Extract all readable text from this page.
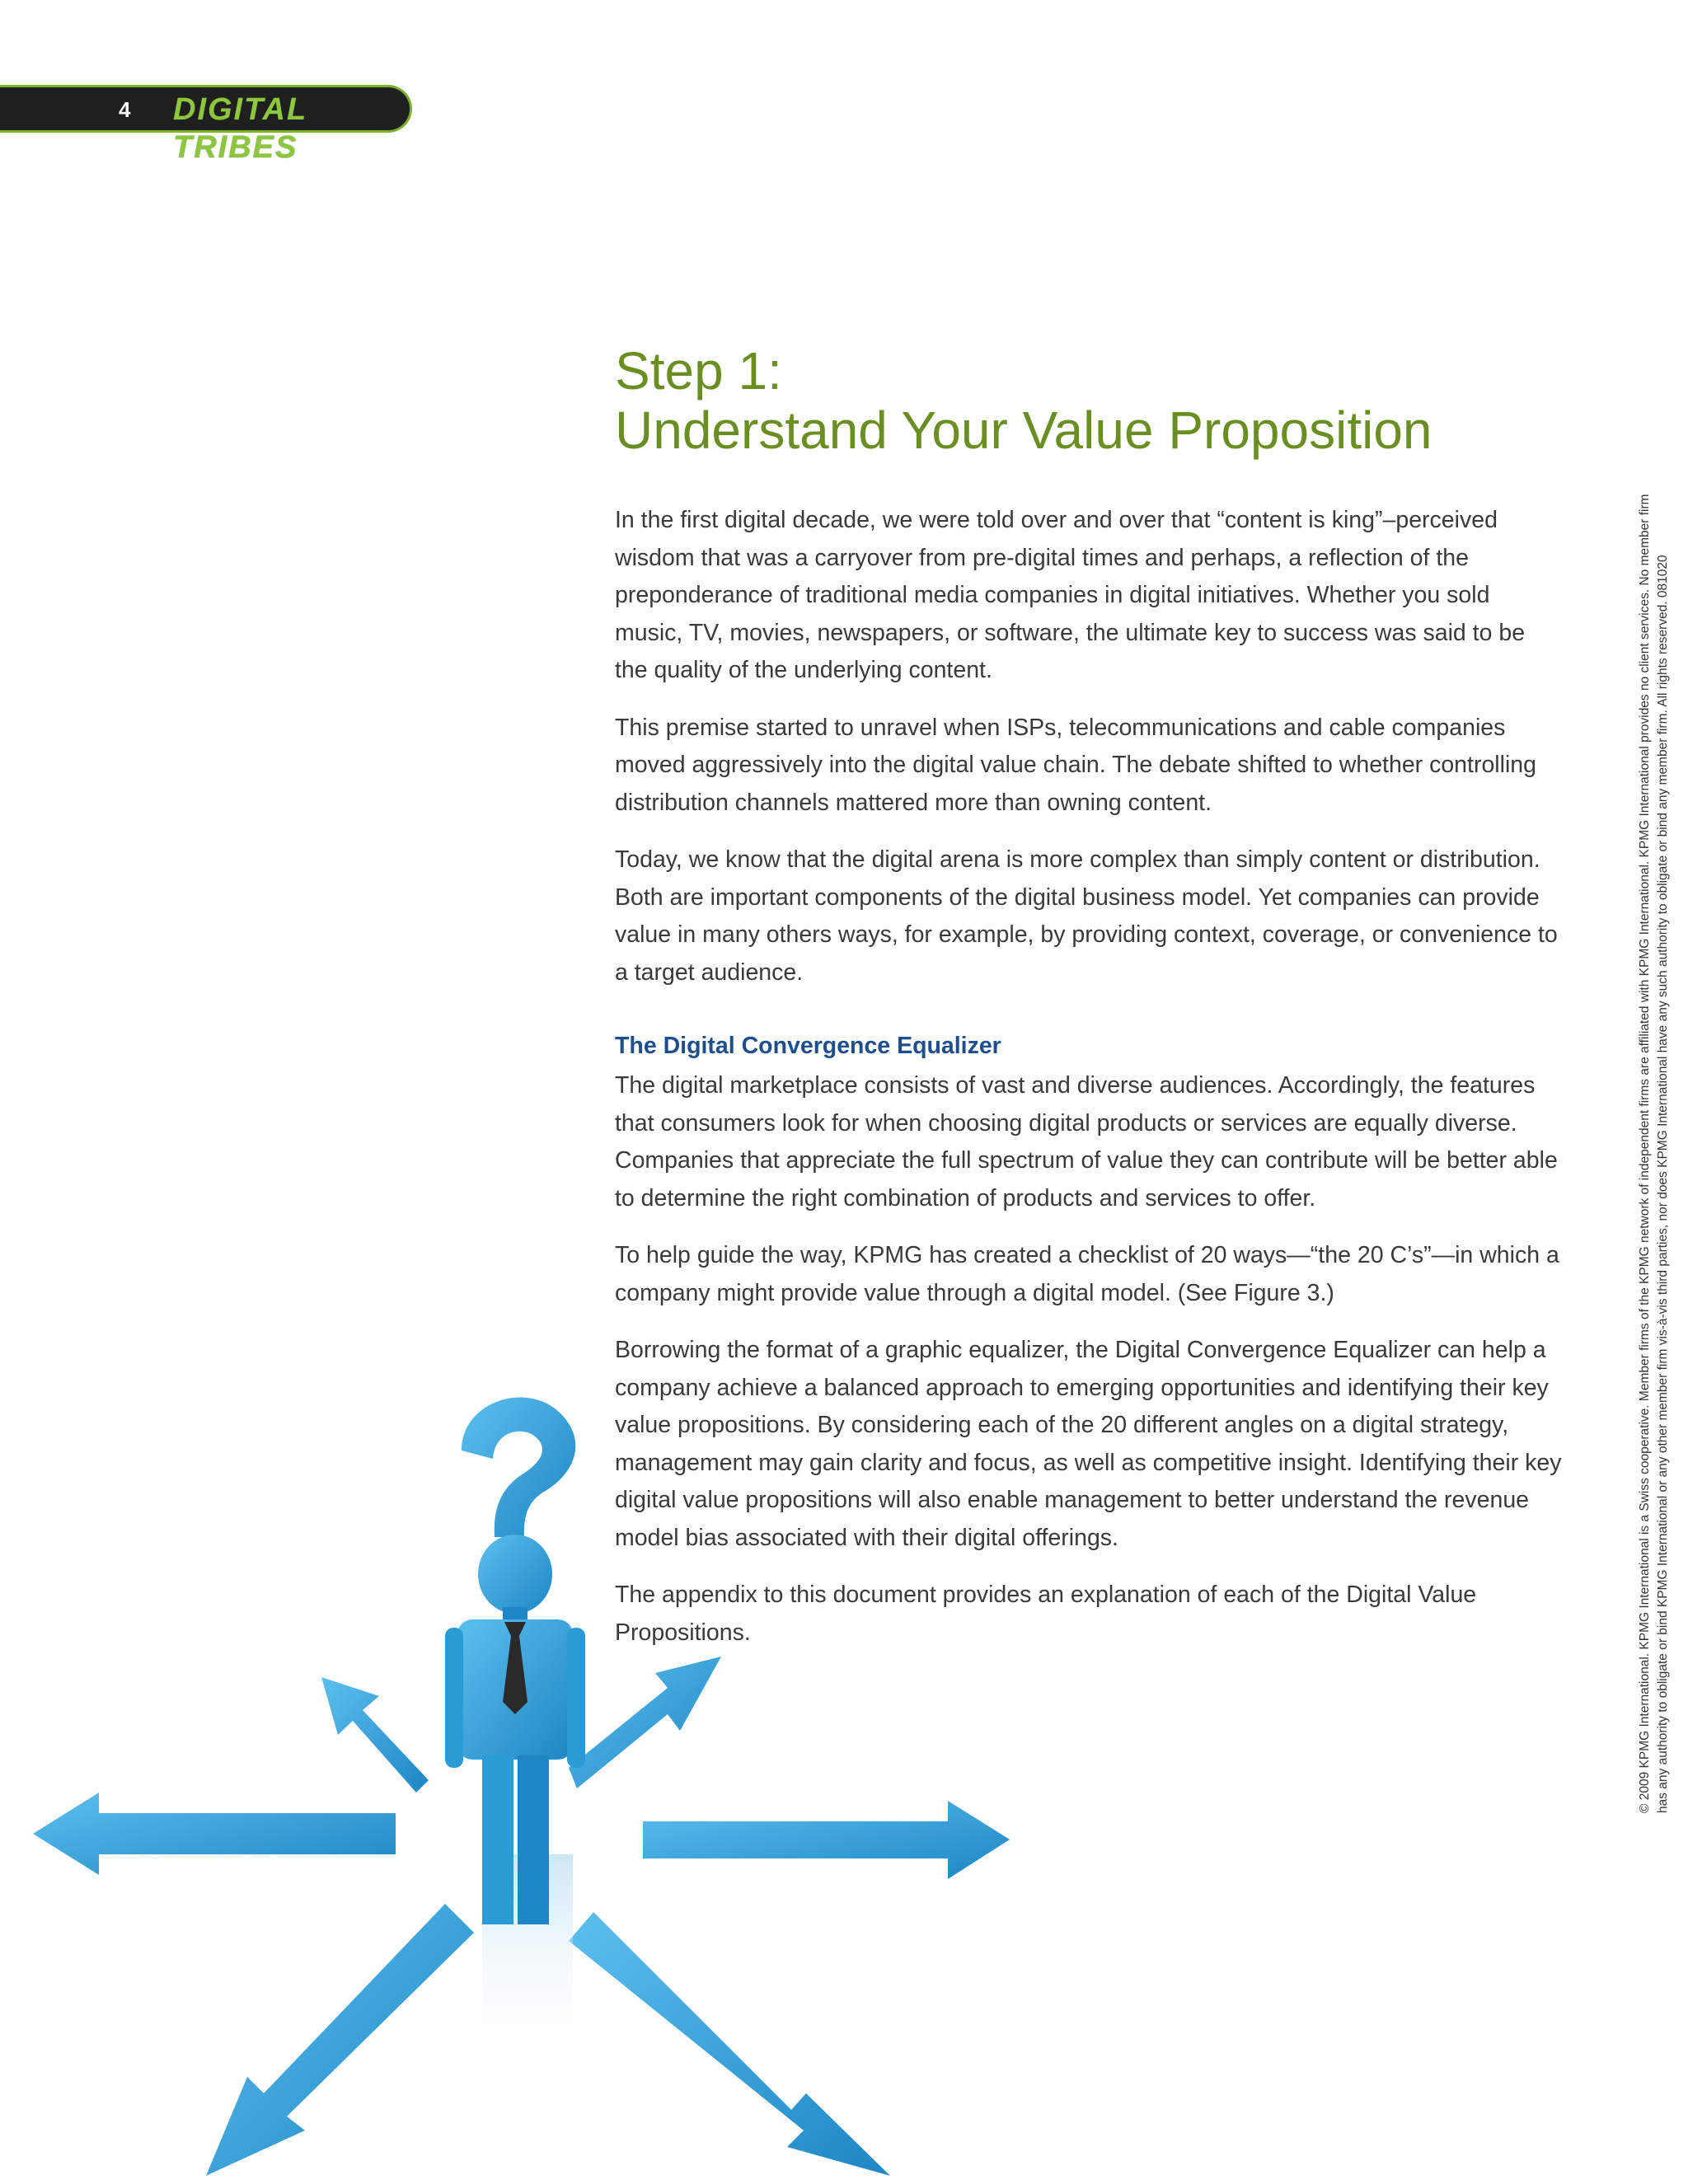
4 DIGITAL TRIBES
Step 1:
Understand Your Value Proposition

In the first digital decade, we were told over and over that “content is king”–perceived wisdom that was a carryover from pre-digital times and perhaps, a reflection of the preponderance of traditional media companies in digital initiatives. Whether you sold music, TV, movies, newspapers, or software, the ultimate key to success was said to be the quality of the underlying content.

This premise started to unravel when ISPs, telecommunications and cable companies moved aggressively into the digital value chain. The debate shifted to whether controlling distribution channels mattered more than owning content.

Today, we know that the digital arena is more complex than simply content or distribution. Both are important components of the digital business model. Yet companies can provide value in many others ways, for example, by providing context, coverage, or convenience to a target audience.

The Digital Convergence Equalizer

The digital marketplace consists of vast and diverse audiences. Accordingly, the features that consumers look for when choosing digital products or services are equally diverse. Companies that appreciate the full spectrum of value they can contribute will be better able to determine the right combination of products and services to offer.

To help guide the way, KPMG has created a checklist of 20 ways—“the 20 C’s”—in which a company might provide value through a digital model. (See Figure 3.)

Borrowing the format of a graphic equalizer, the Digital Convergence Equalizer can help a company achieve a balanced approach to emerging opportunities and identifying their key value propositions. By considering each of the 20 different angles on a digital strategy, management may gain clarity and focus, as well as competitive insight. Identifying their key digital value propositions will also enable management to better understand the revenue model bias associated with their digital offerings.

The appendix to this document provides an explanation of each of the Digital Value Propositions.	© 2009 KPMG International. KPMG International is a Swiss cooperative. Member firms of the KPMG network of independent firms are affiliated with KPMG International. KPMG International provides no client services. No member firm has any authority to obligate or bind KPMG International or any other member firm vis-à-vis third parties, nor does KPMG International have any such authority to obligate or bind any member firm. All rights reserved. 081020
